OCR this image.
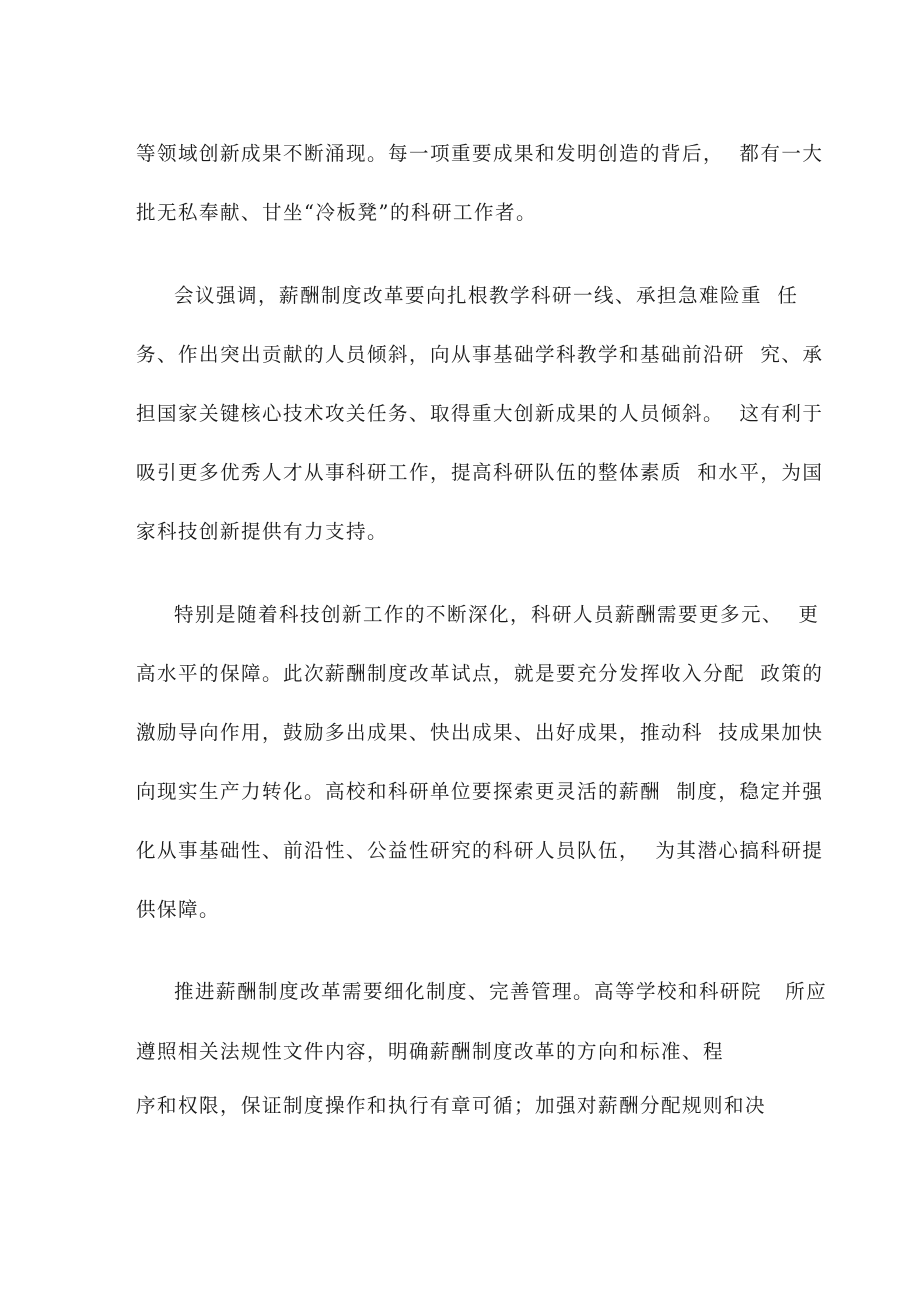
等领域创新成果不断涌现。每一项重要成果和发明创造的背后，  都有一大
批无私奉献、甘坐“冷板凳”的科研工作者。
会议强调，薪酬制度改革要向扎根教学科研一线、承担急难险重  任
务、作出突出贡献的人员倾斜，向从事基础学科教学和基础前沿研  究、承
担国家关键核心技术攻关任务、取得重大创新成果的人员倾斜。  这有利于
吸引更多优秀人才从事科研工作，提高科研队伍的整体素质  和水平，为国
家科技创新提供有力支持。
特别是随着科技创新工作的不断深化，科研人员薪酬需要更多元、  更
高水平的保障。此次薪酬制度改革试点，就是要充分发挥收入分配  政策的
激励导向作用，鼓励多出成果、快出成果、出好成果，推动科  技成果加快
向现实生产力转化。高校和科研单位要探索更灵活的薪酬  制度，稳定并强
化从事基础性、前沿性、公益性研究的科研人员队伍，  为其潜心搞科研提
供保障。
推进薪酬制度改革需要细化制度、完善管理。高等学校和科研院   所应
遵照相关法规性文件内容，明确薪酬制度改革的方向和标准、程
序和权限，保证制度操作和执行有章可循；加强对薪酬分配规则和决
